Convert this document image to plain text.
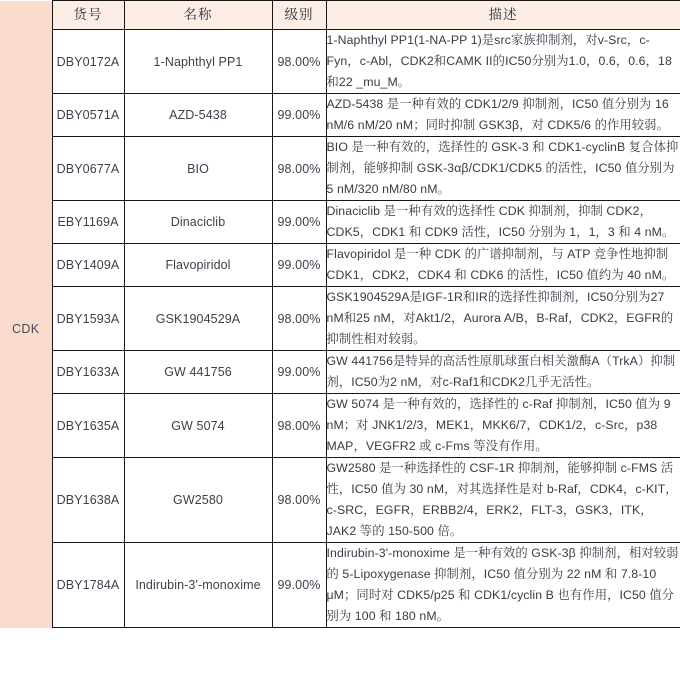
	货号	名称	级别	描述
CDK	DBY0172A	1-Naphthyl PP1	98.00%	1-Naphthyl PP1(1-NA-PP 1)是src家族抑制剂，对v-Src，c-Fyn，c-Abl，CDK2和CAMK II的IC50分别为1.0，0.6，0.6，18和22 _mu_M。
	DBY0571A	AZD-5438	99.00%	AZD-5438 是一种有效的 CDK1/2/9 抑制剂，IC50 值分别为 16 nM/6 nM/20 nM；同时抑制 GSK3β，对 CDK5/6 的作用较弱。
	DBY0677A	BIO	98.00%	BIO 是一种有效的，选择性的 GSK-3 和 CDK1-cyclinB 复合体抑制剂，能够抑制 GSK-3αβ/CDK1/CDK5 的活性，IC50 值分别为 5 nM/320 nM/80 nM。
	EBY1169A	Dinaciclib	99.00%	Dinaciclib 是一种有效的选择性 CDK 抑制剂，抑制 CDK2，CDK5，CDK1 和 CDK9 活性，IC50 分别为 1，1，3 和 4 nM。
	DBY1409A	Flavopiridol	99.00%	Flavopiridol 是一种 CDK 的广谱抑制剂，与 ATP 竞争性地抑制 CDK1，CDK2，CDK4 和 CDK6 的活性，IC50 值约为 40 nM。
	DBY1593A	GSK1904529A	98.00%	GSK1904529A是IGF-1R和IR的选择性抑制剂，IC50分别为27 nM和25 nM，对Akt1/2，Aurora A/B，B-Raf，CDK2，EGFR的抑制性相对较弱。
	DBY1633A	GW 441756	99.00%	GW 441756是特异的高活性原肌球蛋白相关激酶A（TrkA）抑制剂，IC50为2 nM，对c-Raf1和CDK2几乎无活性。
	DBY1635A	GW 5074	98.00%	GW 5074 是一种有效的，选择性的 c-Raf 抑制剂，IC50 值为 9 nM；对 JNK1/2/3，MEK1，MKK6/7，CDK1/2，c-Src，p38 MAP，VEGFR2 或 c-Fms 等没有作用。
	DBY1638A	GW2580	98.00%	GW2580 是一种选择性的 CSF-1R 抑制剂，能够抑制 c-FMS 活性，IC50 值为 30 nM，对其选择性是对 b-Raf，CDK4，c-KIT，c-SRC，EGFR，ERBB2/4，ERK2，FLT-3，GSK3，ITK，JAK2 等的 150-500 倍。
	DBY1784A	Indirubin-3'-monoxime	99.00%	Indirubin-3'-monoxime 是一种有效的 GSK-3β 抑制剂，相对较弱的 5-Lipoxygenase 抑制剂，IC50 值分别为 22 nM 和 7.8-10 μM；同时对 CDK5/p25 和 CDK1/cyclin B 也有作用，IC50 值分别为 100 和 180 nM。
